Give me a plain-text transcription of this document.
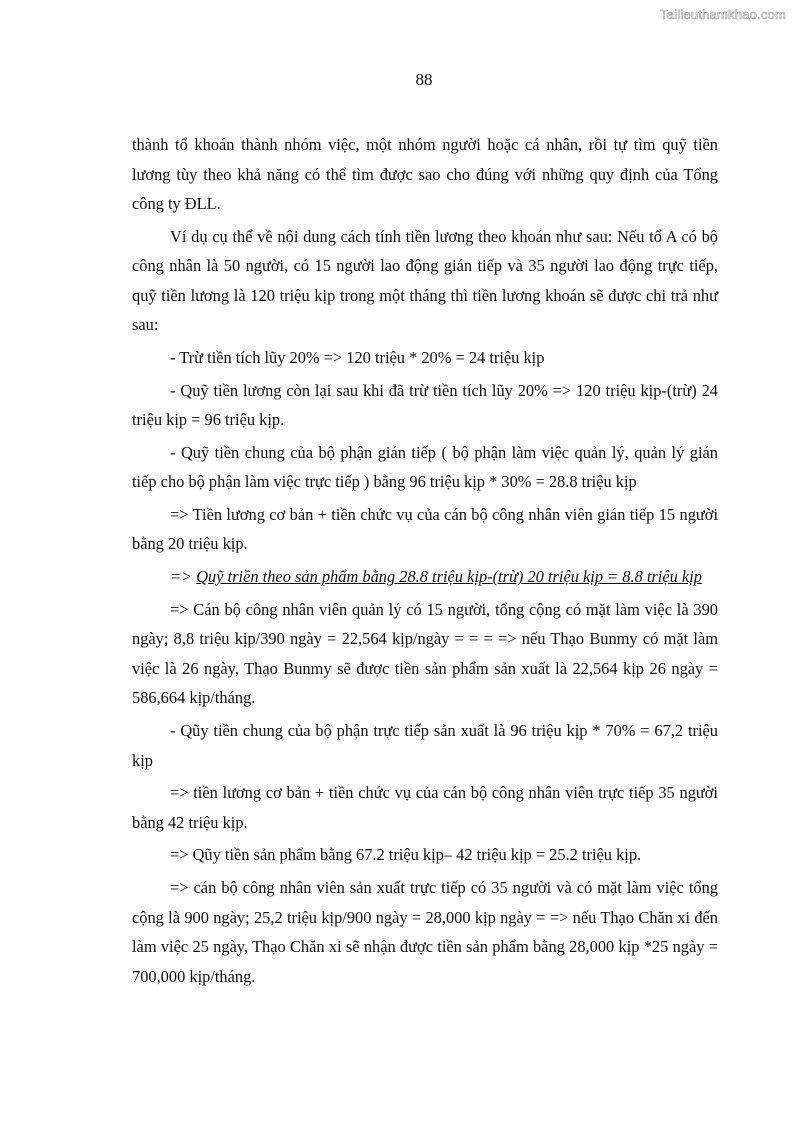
Tailieuthamkhao.com
88

thành tổ khoán thành nhóm việc, một nhóm người hoặc cá nhân, rồi tự tìm quỹ tiền lương tùy theo khả năng có thể tìm được sao cho đúng với những quy định của Tổng công ty ĐLL.

Ví dụ cụ thể về nội dung cách tính tiền lương theo khoán như sau: Nếu tổ A có bộ công nhân là 50 người, có 15 người lao động gián tiếp và 35 người lao động trực tiếp, quỹ tiền lương là 120 triệu kịp trong một tháng thì tiền lương khoán sẽ được chi trả như sau:

- Trừ tiền tích lũy 20% => 120 triệu * 20% = 24 triệu kịp

- Quỹ tiền lương còn lại sau khi đã trừ tiền tích lũy 20% => 120 triệu kịp-(trừ) 24 triệu kịp = 96 triệu kịp.

- Quỹ tiền chung của bộ phận gián tiếp ( bộ phận làm việc quản lý, quản lý gián tiếp cho bộ phận làm việc trực tiếp ) bằng 96 triệu kịp * 30% = 28.8 triệu kịp

=> Tiền lương cơ bản + tiền chức vụ của cán bộ công nhân viên gián tiếp 15 người bằng 20 triệu kịp.

=> Quỹ triền theo sản phẩm bằng 28.8 triệu kịp-(trừ) 20 triệu kịp = 8.8 triệu kịp

=> Cán bộ công nhân viên quản lý có 15 người, tổng cộng có mặt làm việc là 390 ngày; 8,8 triệu kịp/390 ngày = 22,564 kịp/ngày = = = => nếu Thạo Bunmy có mặt làm việc là 26 ngày, Thạo Bunmy sẽ được tiền sản phẩm sản xuất là 22,564 kịp 26 ngày = 586,664 kịp/tháng.

- Qũy tiền chung của bộ phận trực tiếp sản xuất là 96 triệu kịp * 70% = 67,2 triệu kịp

=> tiền lương cơ bản + tiền chức vụ của cán bộ công nhân viên trực tiếp 35 người bằng 42 triệu kịp.

=> Qũy tiền sản phẩm bằng 67.2 triệu kịp– 42 triệu kịp = 25.2 triệu kịp.

=> cán bộ công nhân viên sản xuất trực tiếp có 35 người và có mặt làm việc tổng cộng là 900 ngày; 25,2 triệu kịp/900 ngày = 28,000 kịp ngày = => nếu Thạo Chăn xi đến làm việc 25 ngày, Thạo Chăn xi sẽ nhận được tiền sản phẩm bằng 28,000 kịp *25 ngày = 700,000 kịp/tháng.
